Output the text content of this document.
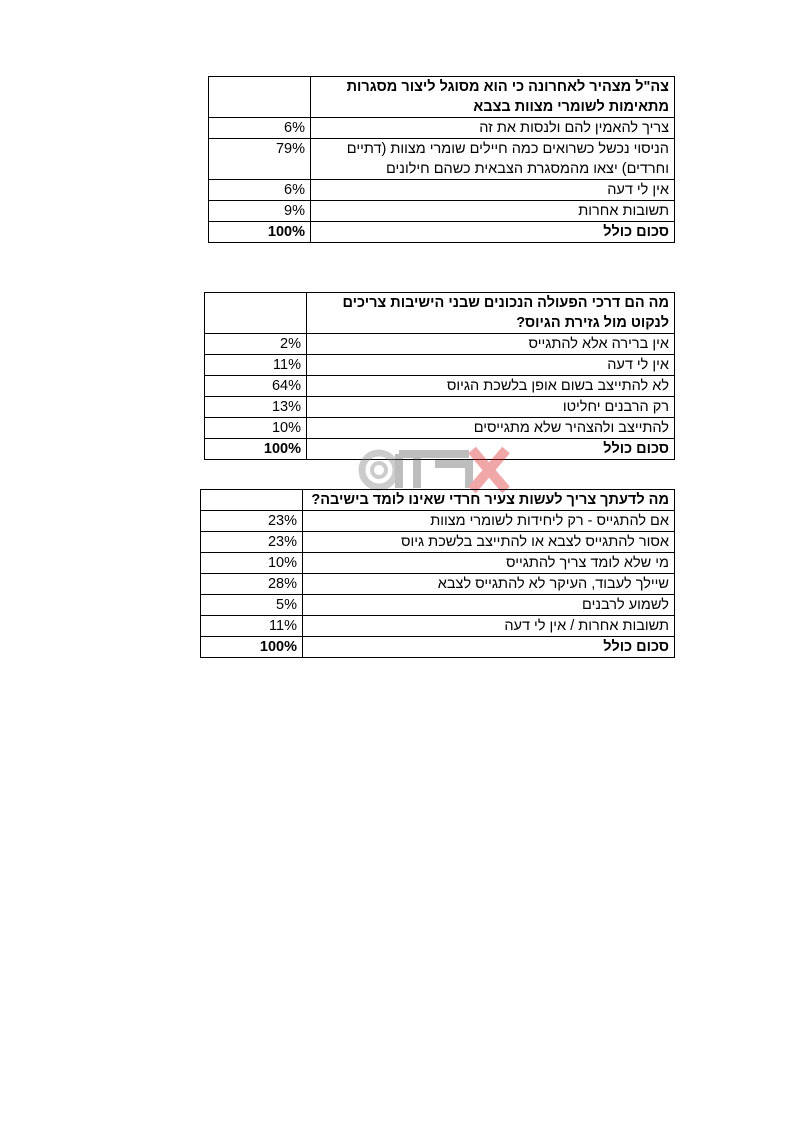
צה"ל מצהיר לאחרונה כי הוא מסוגל ליצור מסגרות מתאימות לשומרי מצוות בצבא	
צריך להאמין להם ולנסות את זה	6%
הניסוי נכשל כשרואים כמה חיילים שומרי מצוות (דתיים וחרדים) יצאו מהמסגרת הצבאית כשהם חילונים	79%
אין לי דעה	6%
תשובות אחרות	9%
סכום כולל	100%
מה הם דרכי הפעולה הנכונים שבני הישיבות צריכים לנקוט מול גזירת הגיוס?	
אין ברירה אלא להתגייס	2%
אין לי דעה	11%
לא להתייצב בשום אופן בלשכת הגיוס	64%
רק הרבנים יחליטו	13%
להתייצב ולהצהיר שלא מתגייסים	10%
סכום כולל	100%
מה לדעתך צריך לעשות צעיר חרדי שאינו לומד בישיבה?	
אם להתגייס - רק ליחידות לשומרי מצוות	23%
אסור להתגייס לצבא או להתייצב בלשכת גיוס	23%
מי שלא לומד צריך להתגייס	10%
שיילך לעבוד, העיקר לא להתגייס לצבא	28%
לשמוע לרבנים	5%
תשובות אחרות / אין לי דעה	11%
סכום כולל	100%
